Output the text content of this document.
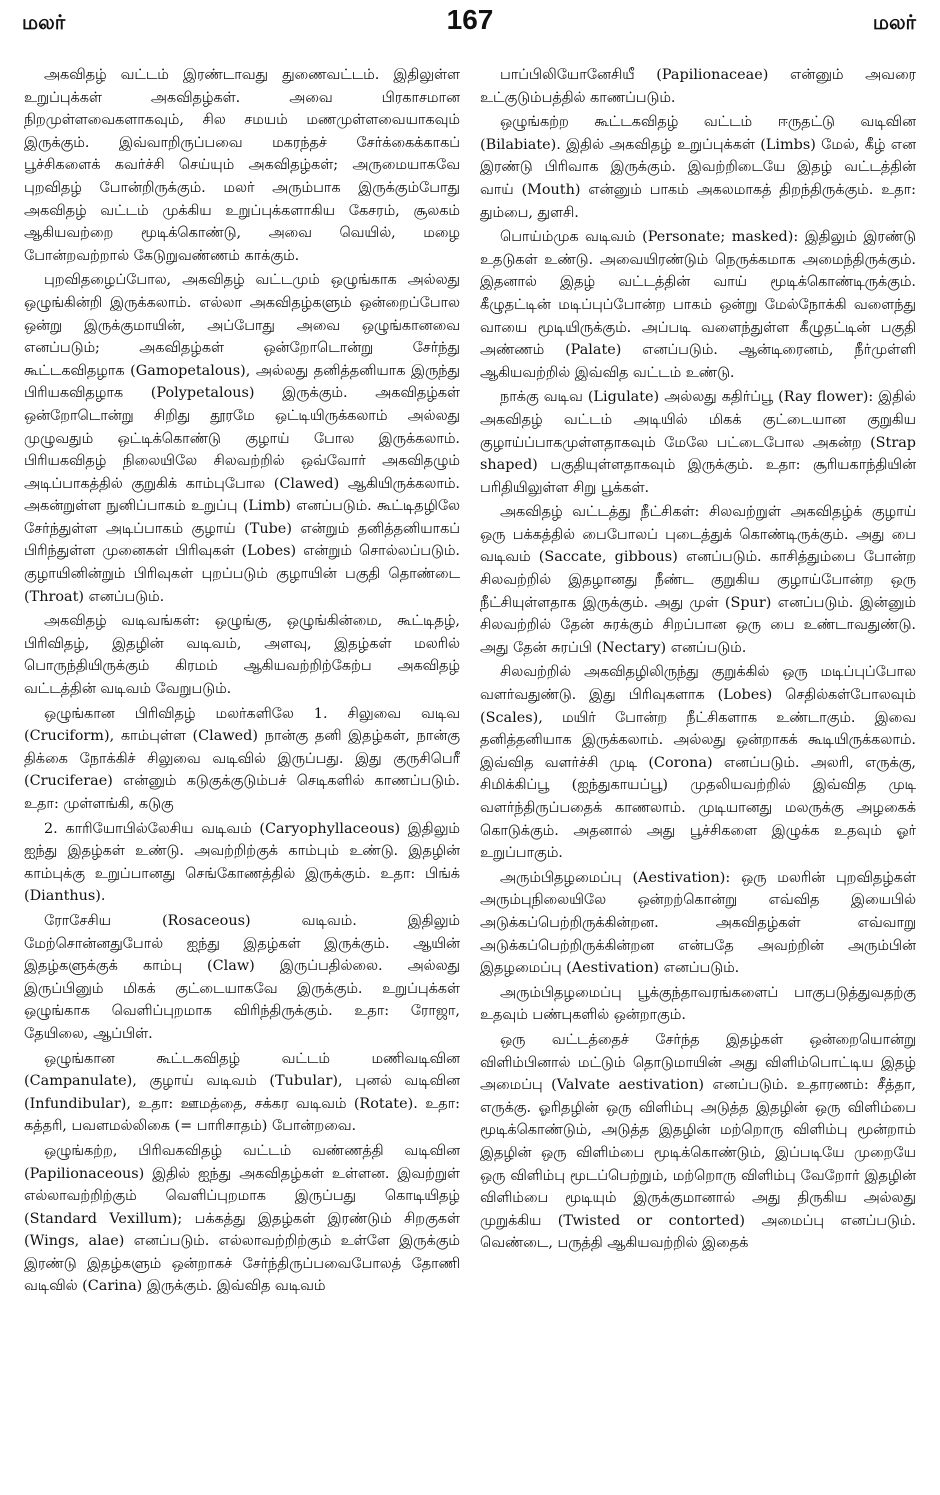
மலர்	167	மலர்

அகவிதழ் வட்டம் இரண்டாவது துணைவட்டம். இதிலுள்ள உறுப்புக்கள் அகவிதழ்கள். அவை பிரகாசமான நிறமுள்ளவைகளாகவும், சில சமயம் மணமுள்ளவையாகவும் இருக்கும். இவ்வாறிருப்பவை மகரந்தச் சேர்க்கைக்காகப் பூச்சிகளைக் கவர்ச்சி செய்யும் அகவிதழ்கள்; அருமையாகவே புறவிதழ் போன்றிருக்கும். மலர் அரும்பாக இருக்கும்போது அகவிதழ் வட்டம் முக்கிய உறுப்புக்களாகிய கேசரம், சூலகம் ஆகியவற்றை மூடிக்கொண்டு, அவை வெயில், மழை போன்றவற்றால் கேடுறுவண்ணம் காக்கும்.

புறவிதழைப்போல, அகவிதழ் வட்டமும் ஒழுங்காக அல்லது ஒழுங்கின்றி இருக்கலாம். எல்லா அகவிதழ்களும் ஒன்றைப்போல ஒன்று இருக்குமாயின், அப்போது அவை ஒழுங்கானவை எனப்படும்; அகவிதழ்கள் ஒன்றோடொன்று சேர்ந்து கூட்டகவிதழாக (Gamopetalous), அல்லது தனித்தனியாக இருந்து பிரியகவிதழாக (Polypetalous) இருக்கும். அகவிதழ்கள் ஒன்றோடொன்று சிறிது தூரமே ஒட்டியிருக்கலாம் அல்லது முழுவதும் ஒட்டிக்கொண்டு குழாய் போல இருக்கலாம். பிரியகவிதழ் நிலையிலே சிலவற்றில் ஒவ்வோர் அகவிதழும் அடிப்பாகத்தில் குறுகிக் காம்புபோல (Clawed) ஆகியிருக்கலாம். அகன்றுள்ள நுனிப்பாகம் உறுப்பு (Limb) எனப்படும். கூட்டிதழிலே சேர்ந்துள்ள அடிப்பாகம் குழாய் (Tube) என்றும் தனித்தனியாகப் பிரிந்துள்ள முனைகள் பிரிவுகள் (Lobes) என்றும் சொல்லப்படும். குழாயினின்றும் பிரிவுகள் புறப்படும் குழாயின் பகுதி தொண்டை (Throat) எனப்படும்.

அகவிதழ் வடிவங்கள்: ஒழுங்கு, ஒழுங்கின்மை, கூட்டிதழ், பிரிவிதழ், இதழின் வடிவம், அளவு, இதழ்கள் மலரில் பொருந்தியிருக்கும் கிரமம் ஆகியவற்றிற்கேற்ப அகவிதழ் வட்டத்தின் வடிவம் வேறுபடும்.

ஒழுங்கான பிரிவிதழ் மலர்களிலே 1. சிலுவை வடிவ (Cruciform), காம்புள்ள (Clawed) நான்கு தனி இதழ்கள், நான்கு திக்கை நோக்கிச் சிலுவை வடிவில் இருப்பது. இது குருசிபெரீ (Cruciferae) என்னும் கடுகுக்குடும்பச் செடிகளில் காணப்படும். உதா: முள்ளங்கி, கடுகு

2. காரியோபில்லேசிய வடிவம் (Caryophyllaceous) இதிலும் ஐந்து இதழ்கள் உண்டு. அவற்றிற்குக் காம்பும் உண்டு. இதழின் காம்புக்கு உறுப்பானது செங்கோணத்தில் இருக்கும். உதா: பிங்க் (Dianthus).

ரோசேசிய (Rosaceous) வடிவம். இதிலும் மேற்சொன்னதுபோல் ஐந்து இதழ்கள் இருக்கும். ஆயின் இதழ்களுக்குக் காம்பு (Claw) இருப்பதில்லை. அல்லது இருப்பினும் மிகக் குட்டையாகவே இருக்கும். உறுப்புக்கள் ஒழுங்காக வெளிப்புறமாக விரிந்திருக்கும். உதா: ரோஜா, தேயிலை, ஆப்பிள்.

ஒழுங்கான கூட்டகவிதழ் வட்டம் மணிவடிவின (Campanulate), குழாய் வடிவம் (Tubular), புனல் வடிவின (Infundibular), உதா: ஊமத்தை, சக்கர வடிவம் (Rotate). உதா: கத்தரி, பவளமல்லிகை (= பாரிசாதம்) போன்றவை.

ஒழுங்கற்ற, பிரிவகவிதழ் வட்டம் வண்ணத்தி வடிவின (Papilionaceous) இதில் ஐந்து அகவிதழ்கள் உள்ளன. இவற்றுள் எல்லாவற்றிற்கும் வெளிப்புறமாக இருப்பது கொடியிதழ் (Standard Vexillum); பக்கத்து இதழ்கள் இரண்டும் சிறகுகள் (Wings, alae) எனப்படும். எல்லாவற்றிற்கும் உள்ளே இருக்கும் இரண்டு இதழ்களும் ஒன்றாகச் சேர்ந்திருப்பவைபோலத் தோணி வடிவில் (Carina) இருக்கும். இவ்வித வடிவம்

பாப்பிலியோனேசியீ (Papilionaceae) என்னும் அவரை உட்குடும்பத்தில் காணப்படும்.

ஒழுங்கற்ற கூட்டகவிதழ் வட்டம் ஈருதட்டு வடிவின (Bilabiate). இதில் அகவிதழ் உறுப்புக்கள் (Limbs) மேல், கீழ் என இரண்டு பிரிவாக இருக்கும். இவற்றிடையே இதழ் வட்டத்தின் வாய் (Mouth) என்னும் பாகம் அகலமாகத் திறந்திருக்கும். உதா: தும்பை, துளசி.

பொய்ம்முக வடிவம் (Personate; masked): இதிலும் இரண்டு உதடுகள் உண்டு. அவையிரண்டும் நெருக்கமாக அமைந்திருக்கும். இதனால் இதழ் வட்டத்தின் வாய் மூடிக்கொண்டிருக்கும். கீழுதட்டின் மடிப்புப்போன்ற பாகம் ஒன்று மேல்நோக்கி வளைந்து வாயை மூடியிருக்கும். அப்படி வளைந்துள்ள கீழுதட்டின் பகுதி அண்ணம் (Palate) எனப்படும். ஆன்டிரைனம், நீர்முள்ளி ஆகியவற்றில் இவ்வித வட்டம் உண்டு.

நாக்கு வடிவ (Ligulate) அல்லது கதிர்ப்பூ (Ray flower): இதில் அகவிதழ் வட்டம் அடியில் மிகக் குட்டையான குறுகிய குழாய்ப்பாகமுள்ளதாகவும் மேலே பட்டைபோல அகன்ற (Strap shaped) பகுதியுள்ளதாகவும் இருக்கும். உதா: சூரியகாந்தியின் பரிதியிலுள்ள சிறு பூக்கள்.

அகவிதழ் வட்டத்து நீட்சிகள்: சிலவற்றுள் அகவிதழ்க் குழாய் ஒரு பக்கத்தில் பைபோலப் புடைத்துக் கொண்டிருக்கும். அது பை வடிவம் (Saccate, gibbous) எனப்படும். காசித்தும்பை போன்ற சிலவற்றில் இதழானது நீண்ட குறுகிய குழாய்போன்ற ஒரு நீட்சியுள்ளதாக இருக்கும். அது முள் (Spur) எனப்படும். இன்னும் சிலவற்றில் தேன் சுரக்கும் சிறப்பான ஒரு பை உண்டாவதுண்டு. அது தேன் சுரப்பி (Nectary) எனப்படும்.

சிலவற்றில் அகவிதழிலிருந்து குறுக்கில் ஒரு மடிப்புப்போல வளர்வதுண்டு. இது பிரிவுகளாக (Lobes) செதில்கள்போலவும் (Scales), மயிர் போன்ற நீட்சிகளாக உண்டாகும். இவை தனித்தனியாக இருக்கலாம். அல்லது ஒன்றாகக் கூடியிருக்கலாம். இவ்வித வளர்ச்சி முடி (Corona) எனப்படும். அலரி, எருக்கு, சிமிக்கிப்பூ (ஐந்துகாயப்பூ) முதலியவற்றில் இவ்வித முடி வளர்ந்திருப்பதைக் காணலாம். முடியானது மலருக்கு அழகைக் கொடுக்கும். அதனால் அது பூச்சிகளை இழுக்க உதவும் ஓர் உறுப்பாகும்.

அரும்பிதழமைப்பு (Aestivation): ஒரு மலரின் புறவிதழ்கள் அரும்புநிலையிலே ஒன்றற்கொன்று எவ்வித இயைபில் அடுக்கப்பெற்றிருக்கின்றன. அகவிதழ்கள் எவ்வாறு அடுக்கப்பெற்றிருக்கின்றன என்பதே அவற்றின் அரும்பின் இதழமைப்பு (Aestivation) எனப்படும்.

அரும்பிதழமைப்பு பூக்குந்தாவரங்களைப் பாகுபடுத்துவதற்கு உதவும் பண்புகளில் ஒன்றாகும்.

ஒரு வட்டத்தைச் சேர்ந்த இதழ்கள் ஒன்றையொன்று விளிம்பினால் மட்டும் தொடுமாயின் அது விளிம்பொட்டிய இதழ் அமைப்பு (Valvate aestivation) எனப்படும். உதாரணம்: சீத்தா, எருக்கு. ஓரிதழின் ஒரு விளிம்பு அடுத்த இதழின் ஒரு விளிம்பை மூடிக்கொண்டும், அடுத்த இதழின் மற்றொரு விளிம்பு மூன்றாம் இதழின் ஒரு விளிம்பை மூடிக்கொண்டும், இப்படியே முறையே ஒரு விளிம்பு மூடப்பெற்றும், மற்றொரு விளிம்பு வேறோர் இதழின் விளிம்பை மூடியும் இருக்குமானால் அது திருகிய அல்லது முறுக்கிய (Twisted or contorted) அமைப்பு எனப்படும். வெண்டை, பருத்தி ஆகியவற்றில் இதைக்
